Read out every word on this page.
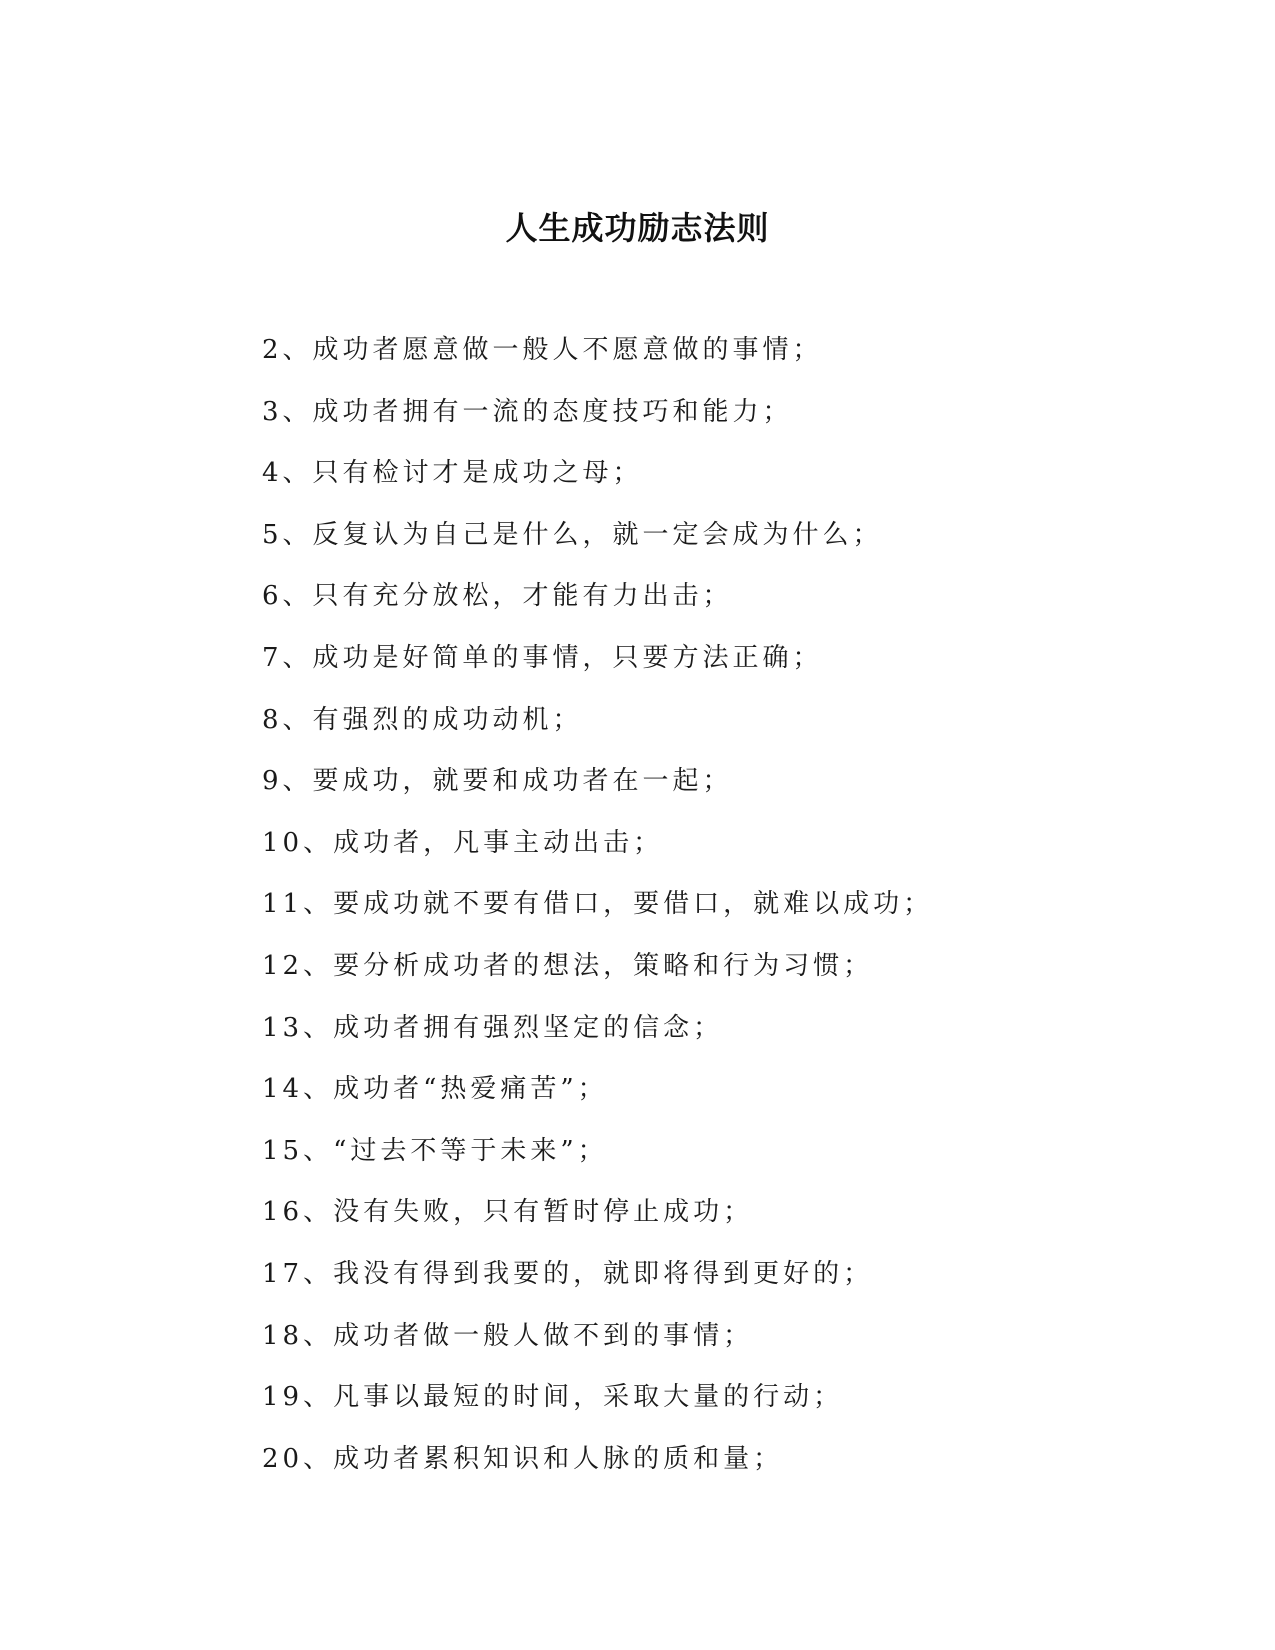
人生成功励志法则
2、成功者愿意做一般人不愿意做的事情；
3、成功者拥有一流的态度技巧和能力；
4、只有检讨才是成功之母；
5、反复认为自己是什么，就一定会成为什么；
6、只有充分放松，才能有力出击；
7、成功是好简单的事情，只要方法正确；
8、有强烈的成功动机；
9、要成功，就要和成功者在一起；
10、成功者，凡事主动出击；
11、要成功就不要有借口，要借口，就难以成功；
12、要分析成功者的想法，策略和行为习惯；
13、成功者拥有强烈坚定的信念；
14、成功者“热爱痛苦”；
15、“过去不等于未来”；
16、没有失败，只有暂时停止成功；
17、我没有得到我要的，就即将得到更好的；
18、成功者做一般人做不到的事情；
19、凡事以最短的时间，采取大量的行动；
20、成功者累积知识和人脉的质和量；
